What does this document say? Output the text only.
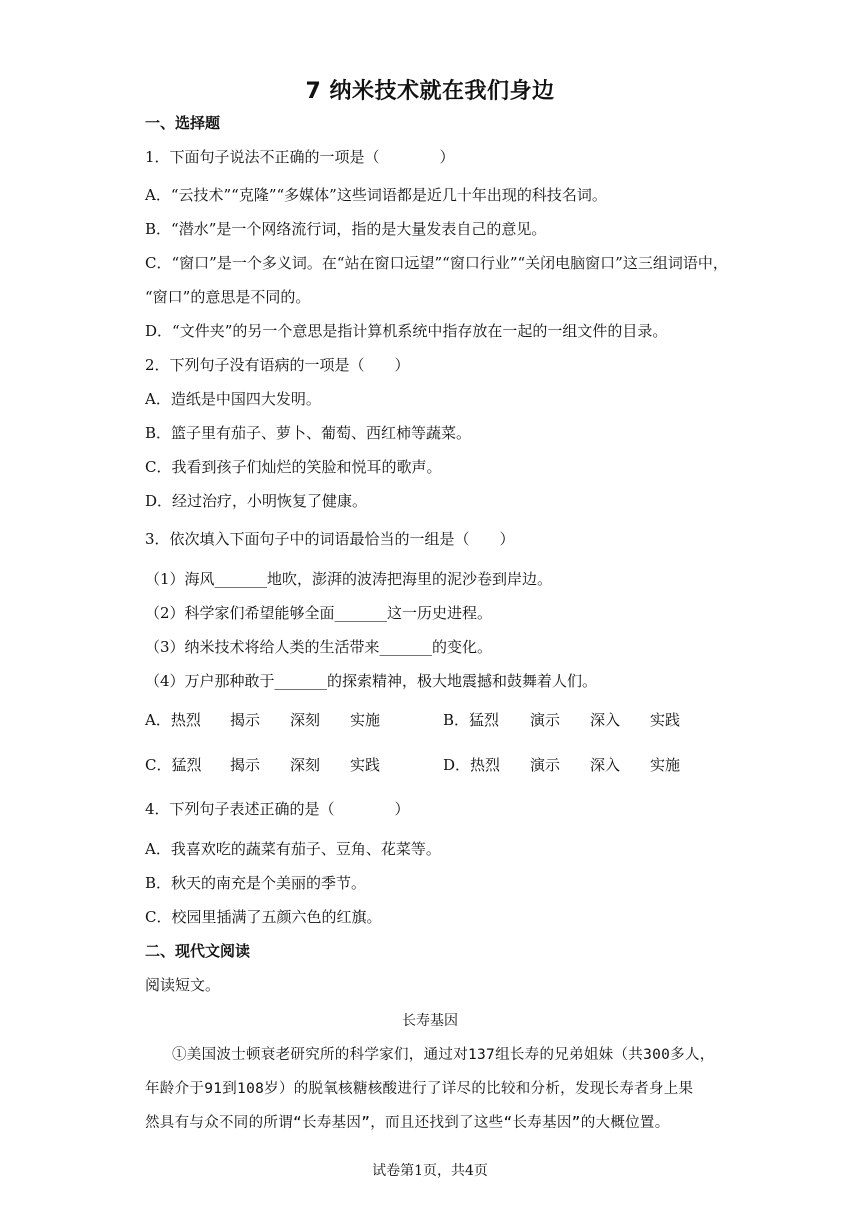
7 纳米技术就在我们身边
一、选择题
1．下面句子说法不正确的一项是（　　　　）
A．“云技术”“克隆”“多媒体”这些词语都是近几十年出现的科技名词。
B．“潜水”是一个网络流行词，指的是大量发表自己的意见。
C．“窗口”是一个多义词。在“站在窗口远望”“窗口行业”“关闭电脑窗口”这三组词语中，
“窗口”的意思是不同的。
D．“文件夹”的另一个意思是指计算机系统中指存放在一起的一组文件的目录。
2．下列句子没有语病的一项是（　　）
A．造纸是中国四大发明。
B．篮子里有茄子、萝卜、葡萄、西红柿等蔬菜。
C．我看到孩子们灿烂的笑脸和悦耳的歌声。
D．经过治疗，小明恢复了健康。
3．依次填入下面句子中的词语最恰当的一组是（　　）
（1）海风_______地吹，澎湃的波涛把海里的泥沙卷到岸边。
（2）科学家们希望能够全面_______这一历史进程。
（3）纳米技术将给人类的生活带来_______的变化。
（4）万户那种敢于_______的探索精神，极大地震撼和鼓舞着人们。
A．热烈 揭示 深刻 实施	B．猛烈 演示 深入 实践
C．猛烈 揭示 深刻 实践	D．热烈 演示 深入 实施
4．下列句子表述正确的是（　　　　）
A．我喜欢吃的蔬菜有茄子、豆角、花菜等。
B．秋天的南充是个美丽的季节。
C．校园里插满了五颜六色的红旗。
二、现代文阅读
阅读短文。
长寿基因
①美国波士顿衰老研究所的科学家们，通过对137组长寿的兄弟姐妹（共300多人，
年龄介于91到108岁）的脱氧核糖核酸进行了详尽的比较和分析，发现长寿者身上果
然具有与众不同的所谓“长寿基因”，而且还找到了这些“长寿基因”的大概位置。
试卷第1页，共4页
